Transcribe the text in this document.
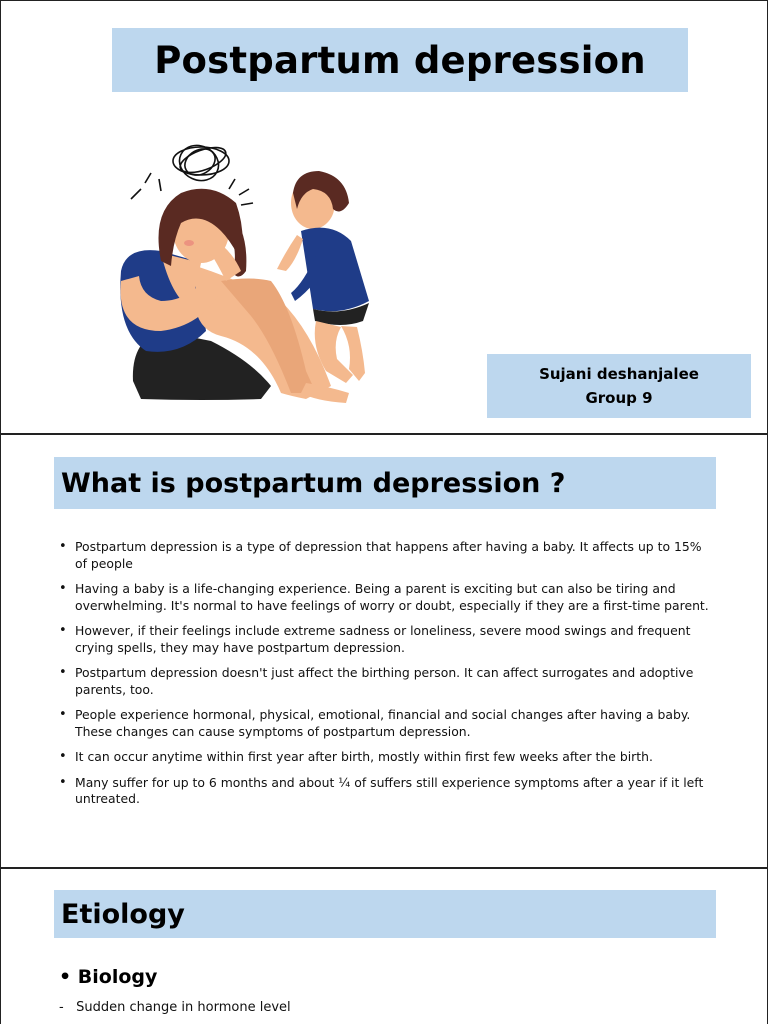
Postpartum depression
Sujani deshanjalee
Group 9
What is postpartum depression ?
• Postpartum depression is a type of depression that happens after having a baby. It affects up to 15% of people
• Having a baby is a life-changing experience. Being a parent is exciting but can also be tiring and overwhelming. It's normal to have feelings of worry or doubt, especially if they are a first-time parent.
• However, if their feelings include extreme sadness or loneliness, severe mood swings and frequent crying spells, they may have postpartum depression.
• Postpartum depression doesn't just affect the birthing person. It can affect surrogates and adoptive parents, too.
• People experience hormonal, physical, emotional, financial and social changes after having a baby. These changes can cause symptoms of postpartum depression.
• It can occur anytime within first year after birth, mostly within first few weeks after the birth.
• Many suffer for up to 6 months and about ¼ of suffers still experience symptoms after a year if it left untreated.
Etiology
• Biology
-   Sudden change in hormone level
